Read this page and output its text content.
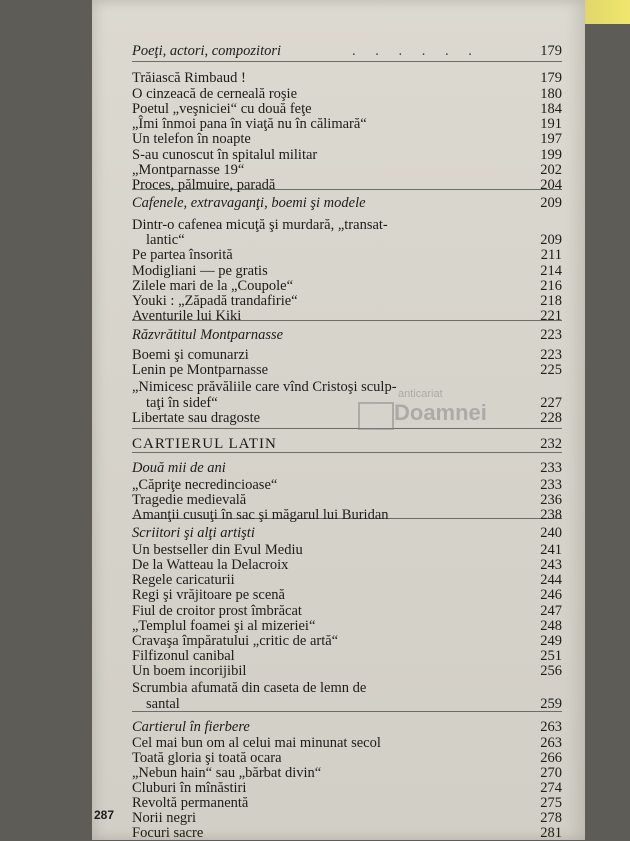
Poeţi, actori, compozitori	. . . . . .	179
Trăiască Rimbaud !	179
O cinzeacă de cerneală roşie	180
Poetul „veşniciei“ cu două feţe	184
„Îmi înmoi pana în viaţă nu în călimară“	191
Un telefon în noapte	197
S-au cunoscut în spitalul militar	199
„Montparnasse 19“	202
Proces, pălmuire, paradă	204
Cafenele, extravaganţi, boemi şi modele	209
Dintr-o cafenea micuţă şi murdară, „transat-
lantic“	209
Pe partea însorită	211
Modigliani — pe gratis	214
Zilele mari de la „Coupole“	216
Youki : „Zăpadă trandafirie“	218
Aventurile lui Kiki	221
Răzvrătitul Montparnasse	223
Boemi şi comunarzi	223
Lenin pe Montparnasse	225
„Nimicesc prăvăliile care vînd Cristoşi sculp-
taţi în sidef“	227
Libertate sau dragoste	228
CARTIERUL LATIN	232
Două mii de ani	233
„Căpriţe necredincioase“	233
Tragedie medievală	236
Amanţii cusuţi în sac şi măgarul lui Buridan	238
Scriitori şi alţi artişti	240
Un bestseller din Evul Mediu	241
De la Watteau la Delacroix	243
Regele caricaturii	244
Regi şi vrăjitoare pe scenă	246
Fiul de croitor prost îmbrăcat	247
„Templul foamei şi al mizeriei“	248
Cravaşa împăratului „critic de artă“	249
Filfizonul canibal	251
Un boem incorijibil	256
Scrumbia afumată din caseta de lemn de
santal	259
Cartierul în fierbere	263
Cel mai bun om al celui mai minunat secol	263
Toată gloria şi toată ocara	266
„Nebun hain“ sau „bărbat divin“	270
Cluburi în mînăstiri	274
Revoltă permanentă	275
Norii negri	278
Focuri sacre	281
anticariat
Doamnei
287
